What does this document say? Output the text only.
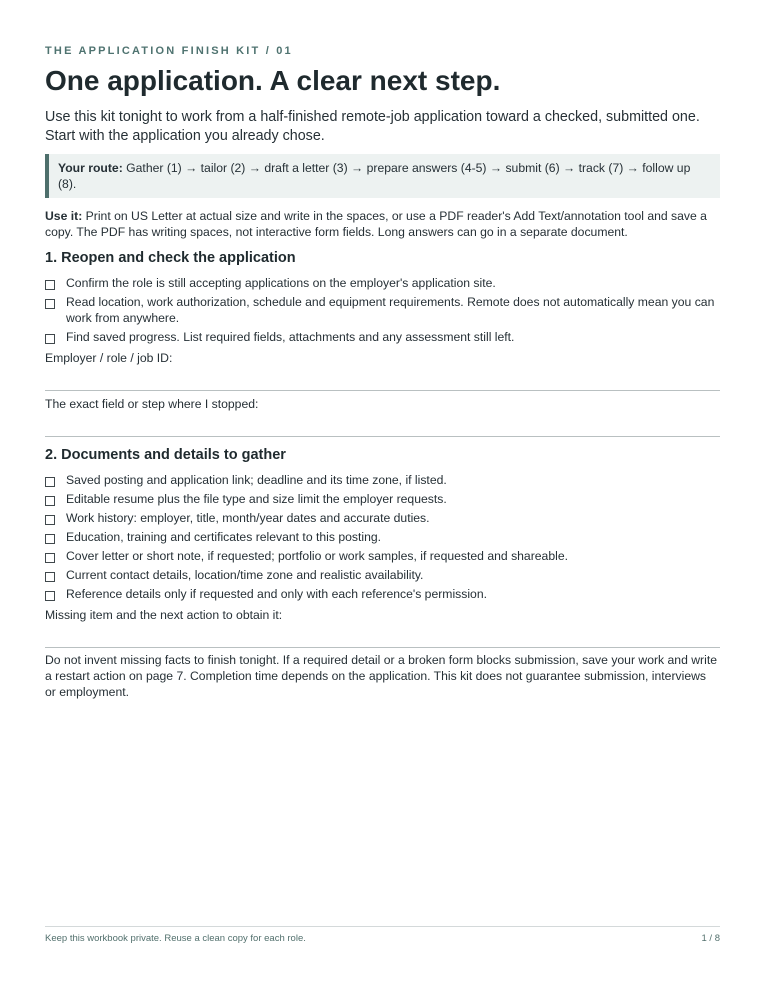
THE APPLICATION FINISH KIT / 01
One application. A clear next step.

Use this kit tonight to work from a half-finished remote-job application toward a checked, submitted one. Start with the application you already chose.

Your route: Gather (1) → tailor (2) → draft a letter (3) → prepare answers (4-5) → submit (6) → track (7) → follow up (8).

Use it: Print on US Letter at actual size and write in the spaces, or use a PDF reader's Add Text/annotation tool and save a copy. The PDF has writing spaces, not interactive form fields. Long answers can go in a separate document.

1. Reopen and check the application
Confirm the role is still accepting applications on the employer's application site.
Read location, work authorization, schedule and equipment requirements. Remote does not automatically mean you can work from anywhere.
Find saved progress. List required fields, attachments and any assessment still left.
Employer / role / job ID:
The exact field or step where I stopped:
2. Documents and details to gather
Saved posting and application link; deadline and its time zone, if listed.
Editable resume plus the file type and size limit the employer requests.
Work history: employer, title, month/year dates and accurate duties.
Education, training and certificates relevant to this posting.
Cover letter or short note, if requested; portfolio or work samples, if requested and shareable.
Current contact details, location/time zone and realistic availability.
Reference details only if requested and only with each reference's permission.
Missing item and the next action to obtain it:

Do not invent missing facts to finish tonight. If a required detail or a broken form blocks submission, save your work and write a restart action on page 7. Completion time depends on the application. This kit does not guarantee submission, interviews or employment.

Keep this workbook private. Reuse a clean copy for each role.	1 / 8
